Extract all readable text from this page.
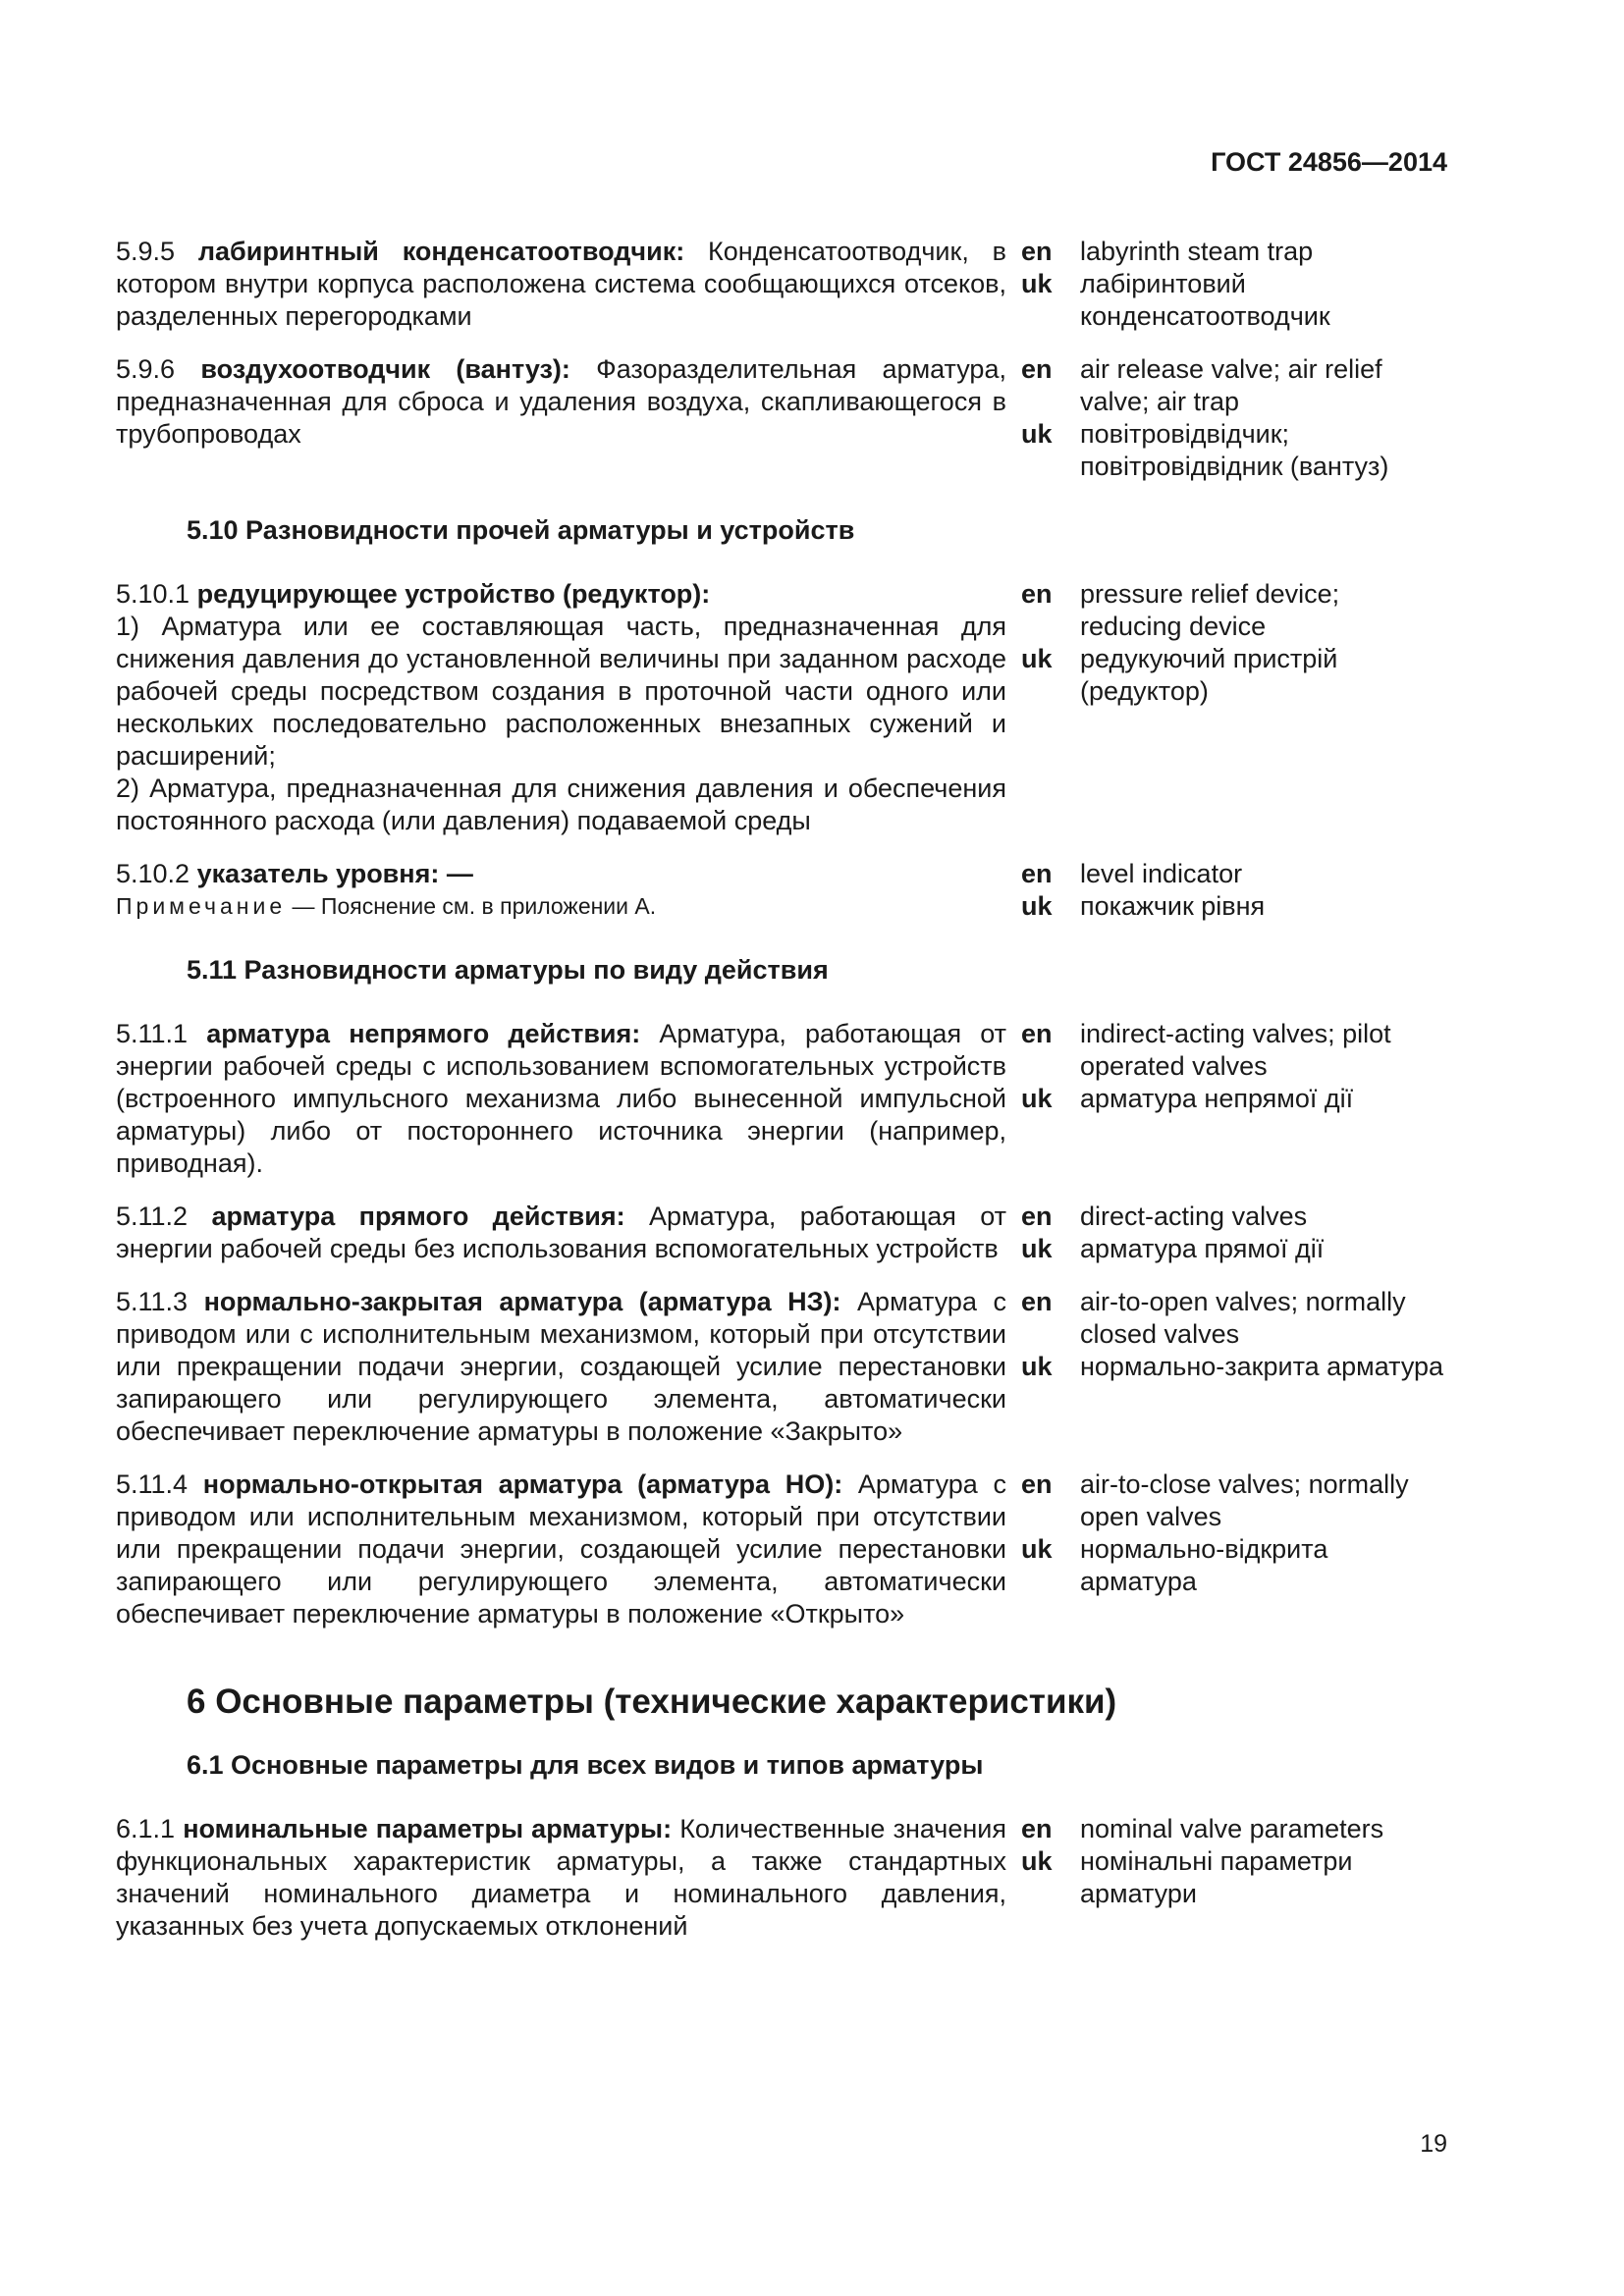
ГОСТ 24856—2014

5.9.5 лабиринтный конденсатоотводчик: Конденсатоотводчик, в котором внутри корпуса расположена система сообщающихся отсеков, разделенных перегородками

en	labyrinth steam trap
uk	лабіринтовий конденсатоотводчик

5.9.6 воздухоотводчик (вантуз): Фазоразделительная арматура, предназначенная для сброса и удаления воздуха, скапливающегося в трубопроводах

en	air release valve; air relief valve; air trap
uk	повітровідвідчик; повітровідвідник (вантуз)
5.10 Разновидности прочей арматуры и устройств

5.10.1 редуцирующее устройство (редуктор):

1) Арматура или ее составляющая часть, предназначенная для снижения давления до установленной величины при заданном расходе рабочей среды посредством создания в проточной части одного или нескольких последовательно расположенных внезапных сужений и расширений;

2) Арматура, предназначенная для снижения давления и обеспечения постоянного расхода (или давления) подаваемой среды

en	pressure relief device; reducing device
uk	редукуючий пристрій (редуктор)

5.10.2 указатель уровня: —

Примечание — Пояснение см. в приложении А.

en	level indicator
uk	покажчик рівня
5.11 Разновидности арматуры по виду действия

5.11.1 арматура непрямого действия: Арматура, работающая от энергии рабочей среды с использованием вспомогательных устройств (встроенного импульсного механизма либо вынесенной импульсной арматуры) либо от постороннего источника энергии (например, приводная).

en	indirect-acting valves; pilot operated valves
uk	арматура непрямої дії

5.11.2 арматура прямого действия: Арматура, работающая от энергии рабочей среды без использования вспомогательных устройств

en	direct-acting valves
uk	арматура прямої дії

5.11.3 нормально-закрытая арматура (арматура НЗ): Арматура с приводом или с исполнительным механизмом, который при отсутствии или прекращении подачи энергии, создающей усилие перестановки запирающего или регулирующего элемента, автоматически обеспечивает переключение арматуры в положение «Закрыто»

en	air-to-open valves; normally closed valves
uk	нормально-закрита арматура

5.11.4 нормально-открытая арматура (арматура НО): Арматура с приводом или исполнительным механизмом, который при отсутствии или прекращении подачи энергии, создающей усилие перестановки запирающего или регулирующего элемента, автоматически обеспечивает переключение арматуры в положение «Открыто»

en	air-to-close valves; normally open valves
uk	нормально-відкрита арматура
6 Основные параметры (технические характеристики)
6.1 Основные параметры для всех видов и типов арматуры

6.1.1 номинальные параметры арматуры: Количественные значения функциональных характеристик арматуры, а также стандартных значений номинального диаметра и номинального давления, указанных без учета допускаемых отклонений

en	nominal valve parameters
uk	номінальні параметри арматури
19
